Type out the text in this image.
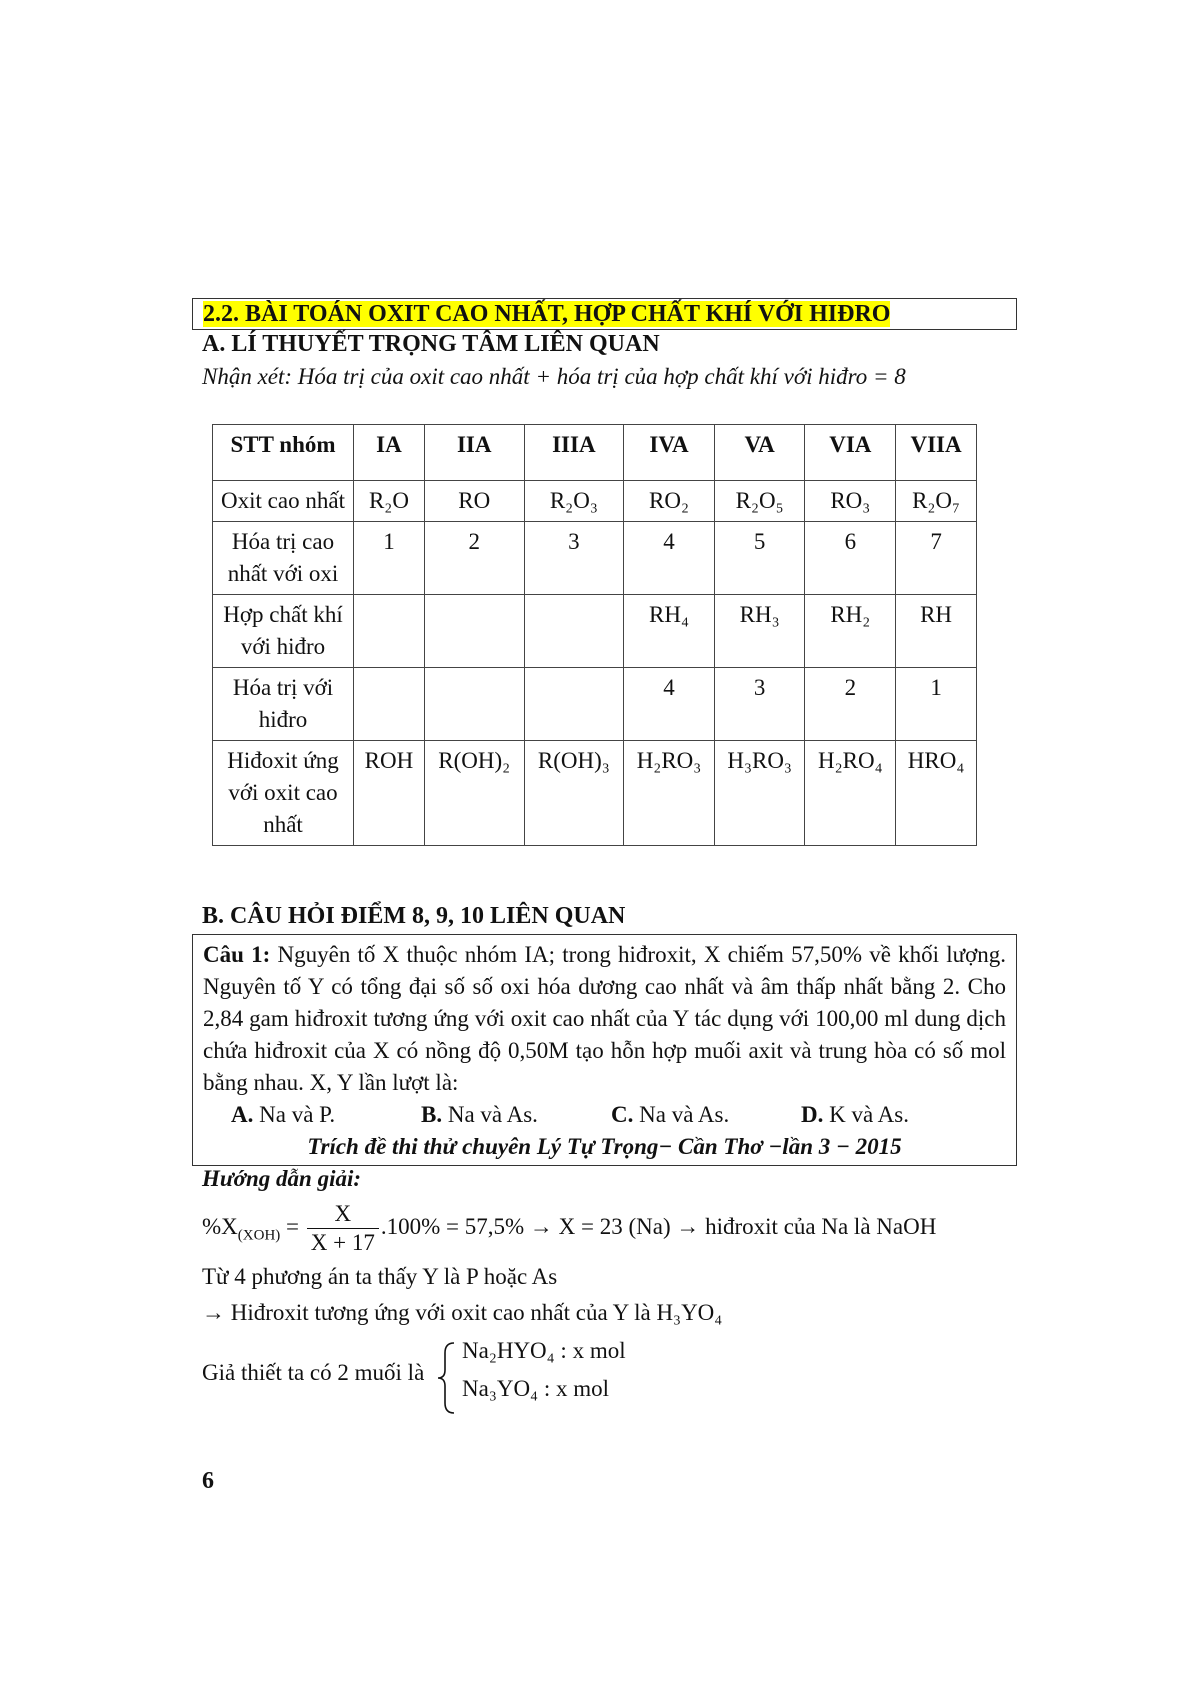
2.2. BÀI TOÁN OXIT CAO NHẤT, HỢP CHẤT KHÍ VỚI HIĐRO
A. LÍ THUYẾT TRỌNG TÂM LIÊN QUAN
Nhận xét: Hóa trị của oxit cao nhất + hóa trị của hợp chất khí với hiđro = 8
STT nhóm	IA	IIA	IIIA	IVA	VA	VIA	VIIA
Oxit cao nhất	R₂O	RO	R₂O₃	RO₂	R₂O₅	RO₃	R₂O₇
Hóa trị cao nhất với oxi	1	2	3	4	5	6	7
Hợp chất khí với hiđro				RH₄	RH₃	RH₂	RH
Hóa trị với hiđro				4	3	2	1
Hiđoxit ứng với oxit cao nhất	ROH	R(OH)₂	R(OH)₃	H₂RO₃	H₃RO₃	H₂RO₄	HRO₄
B. CÂU HỎI ĐIỂM 8, 9, 10 LIÊN QUAN
Câu 1: Nguyên tố X thuộc nhóm IA; trong hiđroxit, X chiếm 57,50% về khối lượng. Nguyên tố Y có tổng đại số số oxi hóa dương cao nhất và âm thấp nhất bằng 2. Cho 2,84 gam hiđroxit tương ứng với oxit cao nhất của Y tác dụng với 100,00 ml dung dịch chứa hiđroxit của X có nồng độ 0,50M tạo hỗn hợp muối axit và trung hòa có số mol bằng nhau. X, Y lần lượt là:
A. Na và P.	B. Na và As.	C. Na và As.	D. K và As.
Trích đề thi thử chuyên Lý Tự Trọng− Cần Thơ −lần 3 − 2015
Hướng dẫn giải:
$\%X_{(XOH)} = \frac{X}{X + 17} .100\% = 57,5\% \to X = 23$ (Na) → hiđroxit của Na là NaOH
Từ 4 phương án ta thấy Y là P hoặc As
→ Hiđroxit tương ứng với oxit cao nhất của Y là H₃YO₄
Giả thiết ta có 2 muối là
Na₂HYO₄ : x mol
Na₃YO₄ : x mol
6
